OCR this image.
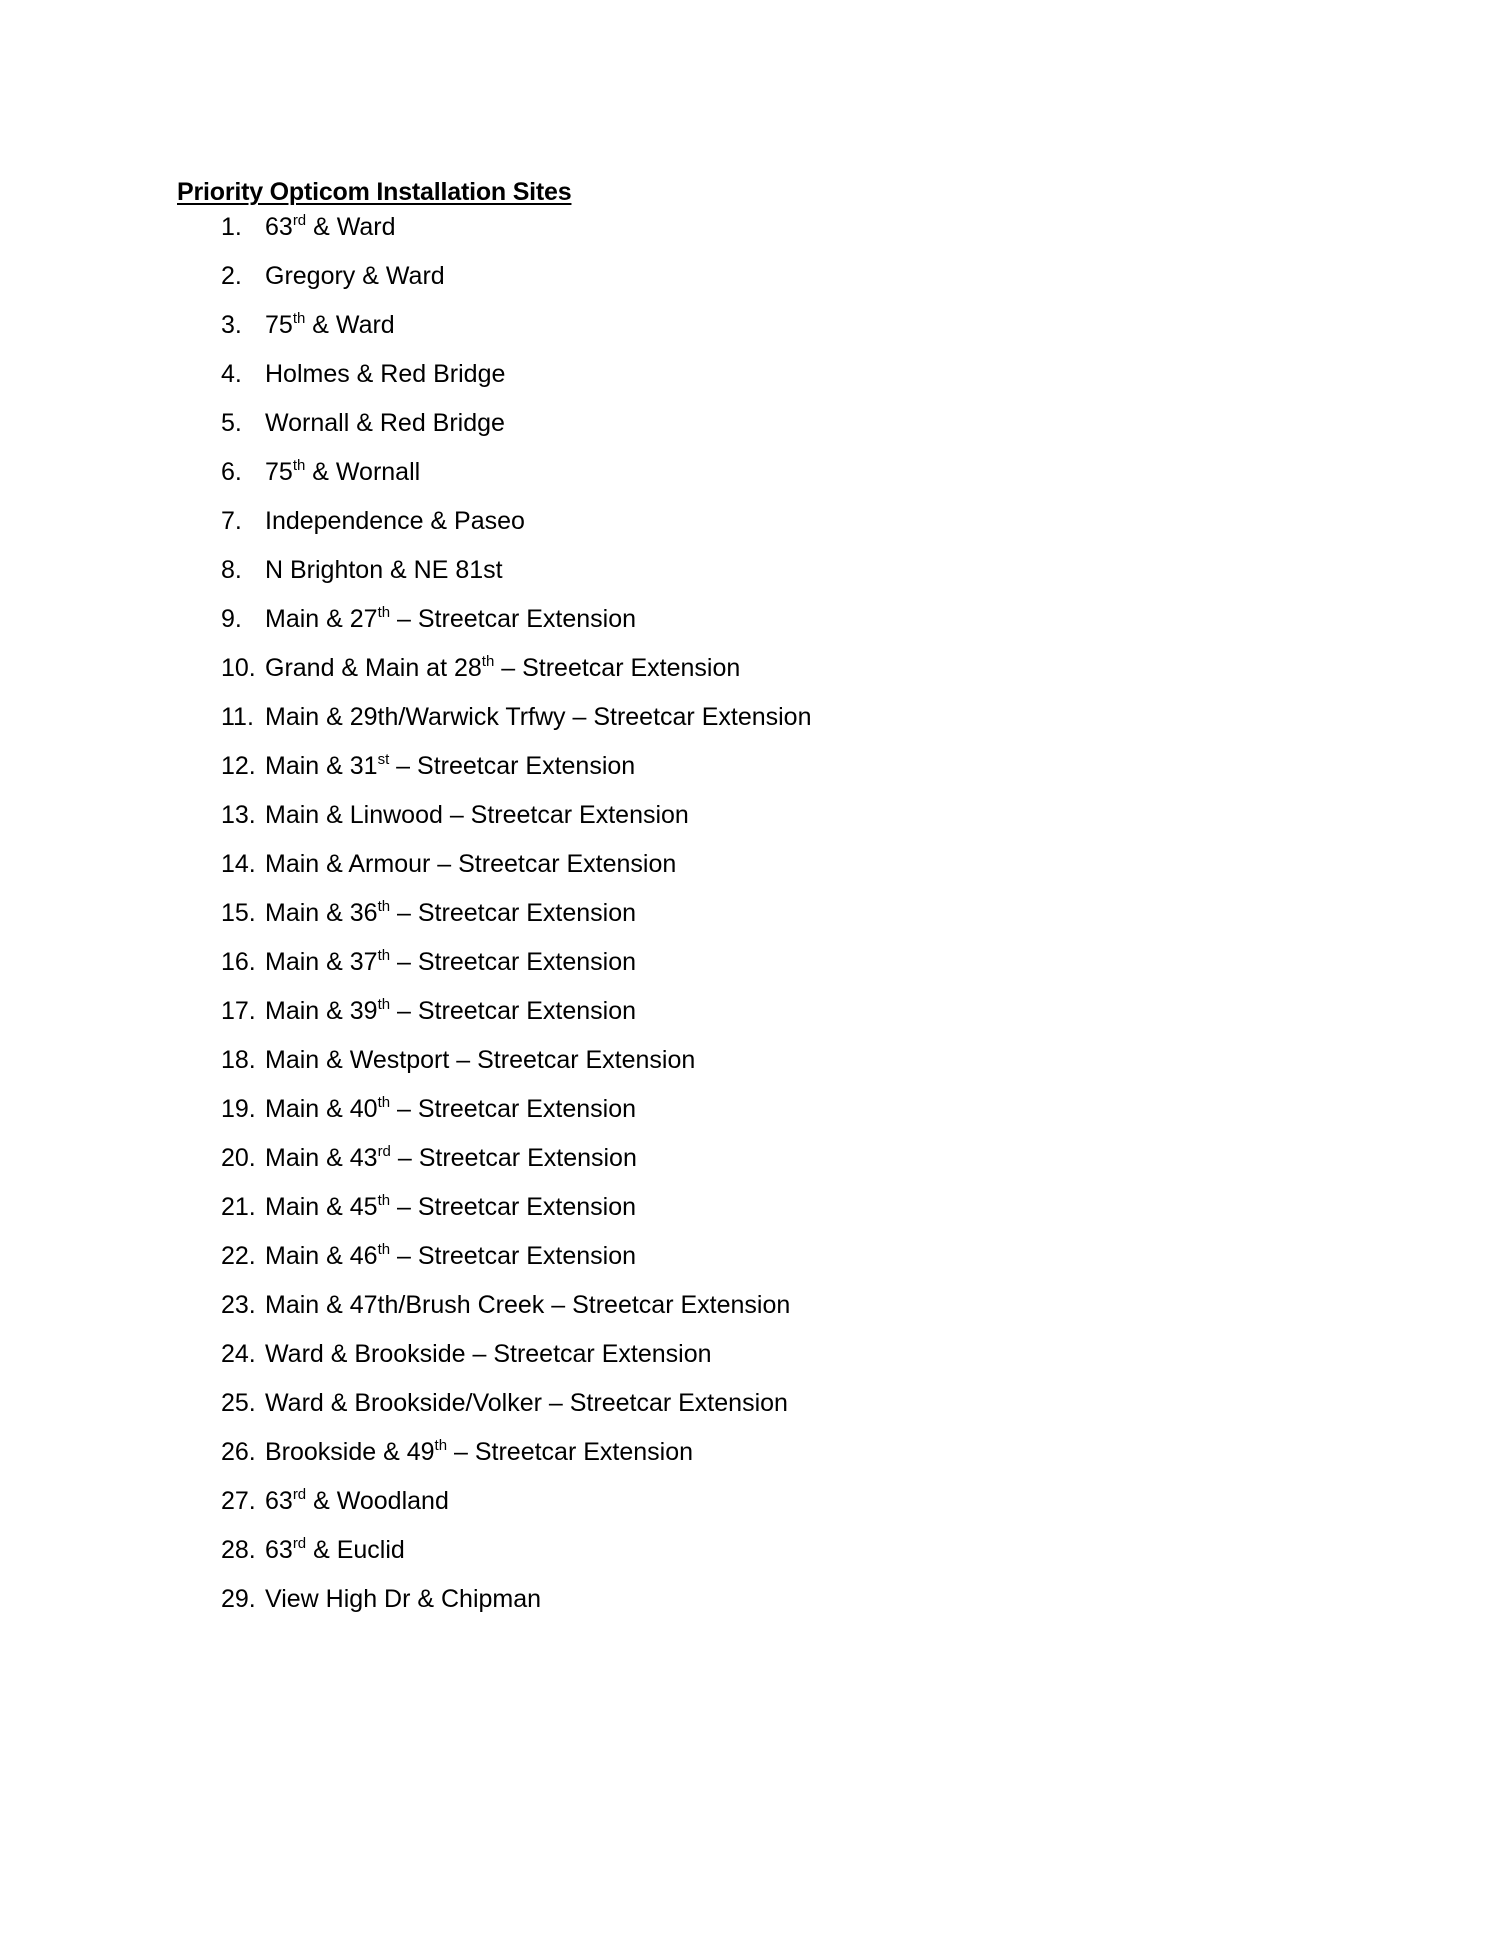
Priority Opticom Installation Sites
1. 63rd & Ward
2. Gregory & Ward
3. 75th & Ward
4. Holmes & Red Bridge
5. Wornall & Red Bridge
6. 75th & Wornall
7. Independence & Paseo
8. N Brighton & NE 81st
9. Main & 27th – Streetcar Extension
10. Grand & Main at 28th – Streetcar Extension
11. Main & 29th/Warwick Trfwy – Streetcar Extension
12. Main & 31st – Streetcar Extension
13. Main & Linwood – Streetcar Extension
14. Main & Armour – Streetcar Extension
15. Main & 36th – Streetcar Extension
16. Main & 37th – Streetcar Extension
17. Main & 39th – Streetcar Extension
18. Main & Westport – Streetcar Extension
19. Main & 40th – Streetcar Extension
20. Main & 43rd – Streetcar Extension
21. Main & 45th – Streetcar Extension
22. Main & 46th – Streetcar Extension
23. Main & 47th/Brush Creek – Streetcar Extension
24. Ward & Brookside – Streetcar Extension
25. Ward & Brookside/Volker – Streetcar Extension
26. Brookside & 49th – Streetcar Extension
27. 63rd & Woodland
28. 63rd & Euclid
29. View High Dr & Chipman
